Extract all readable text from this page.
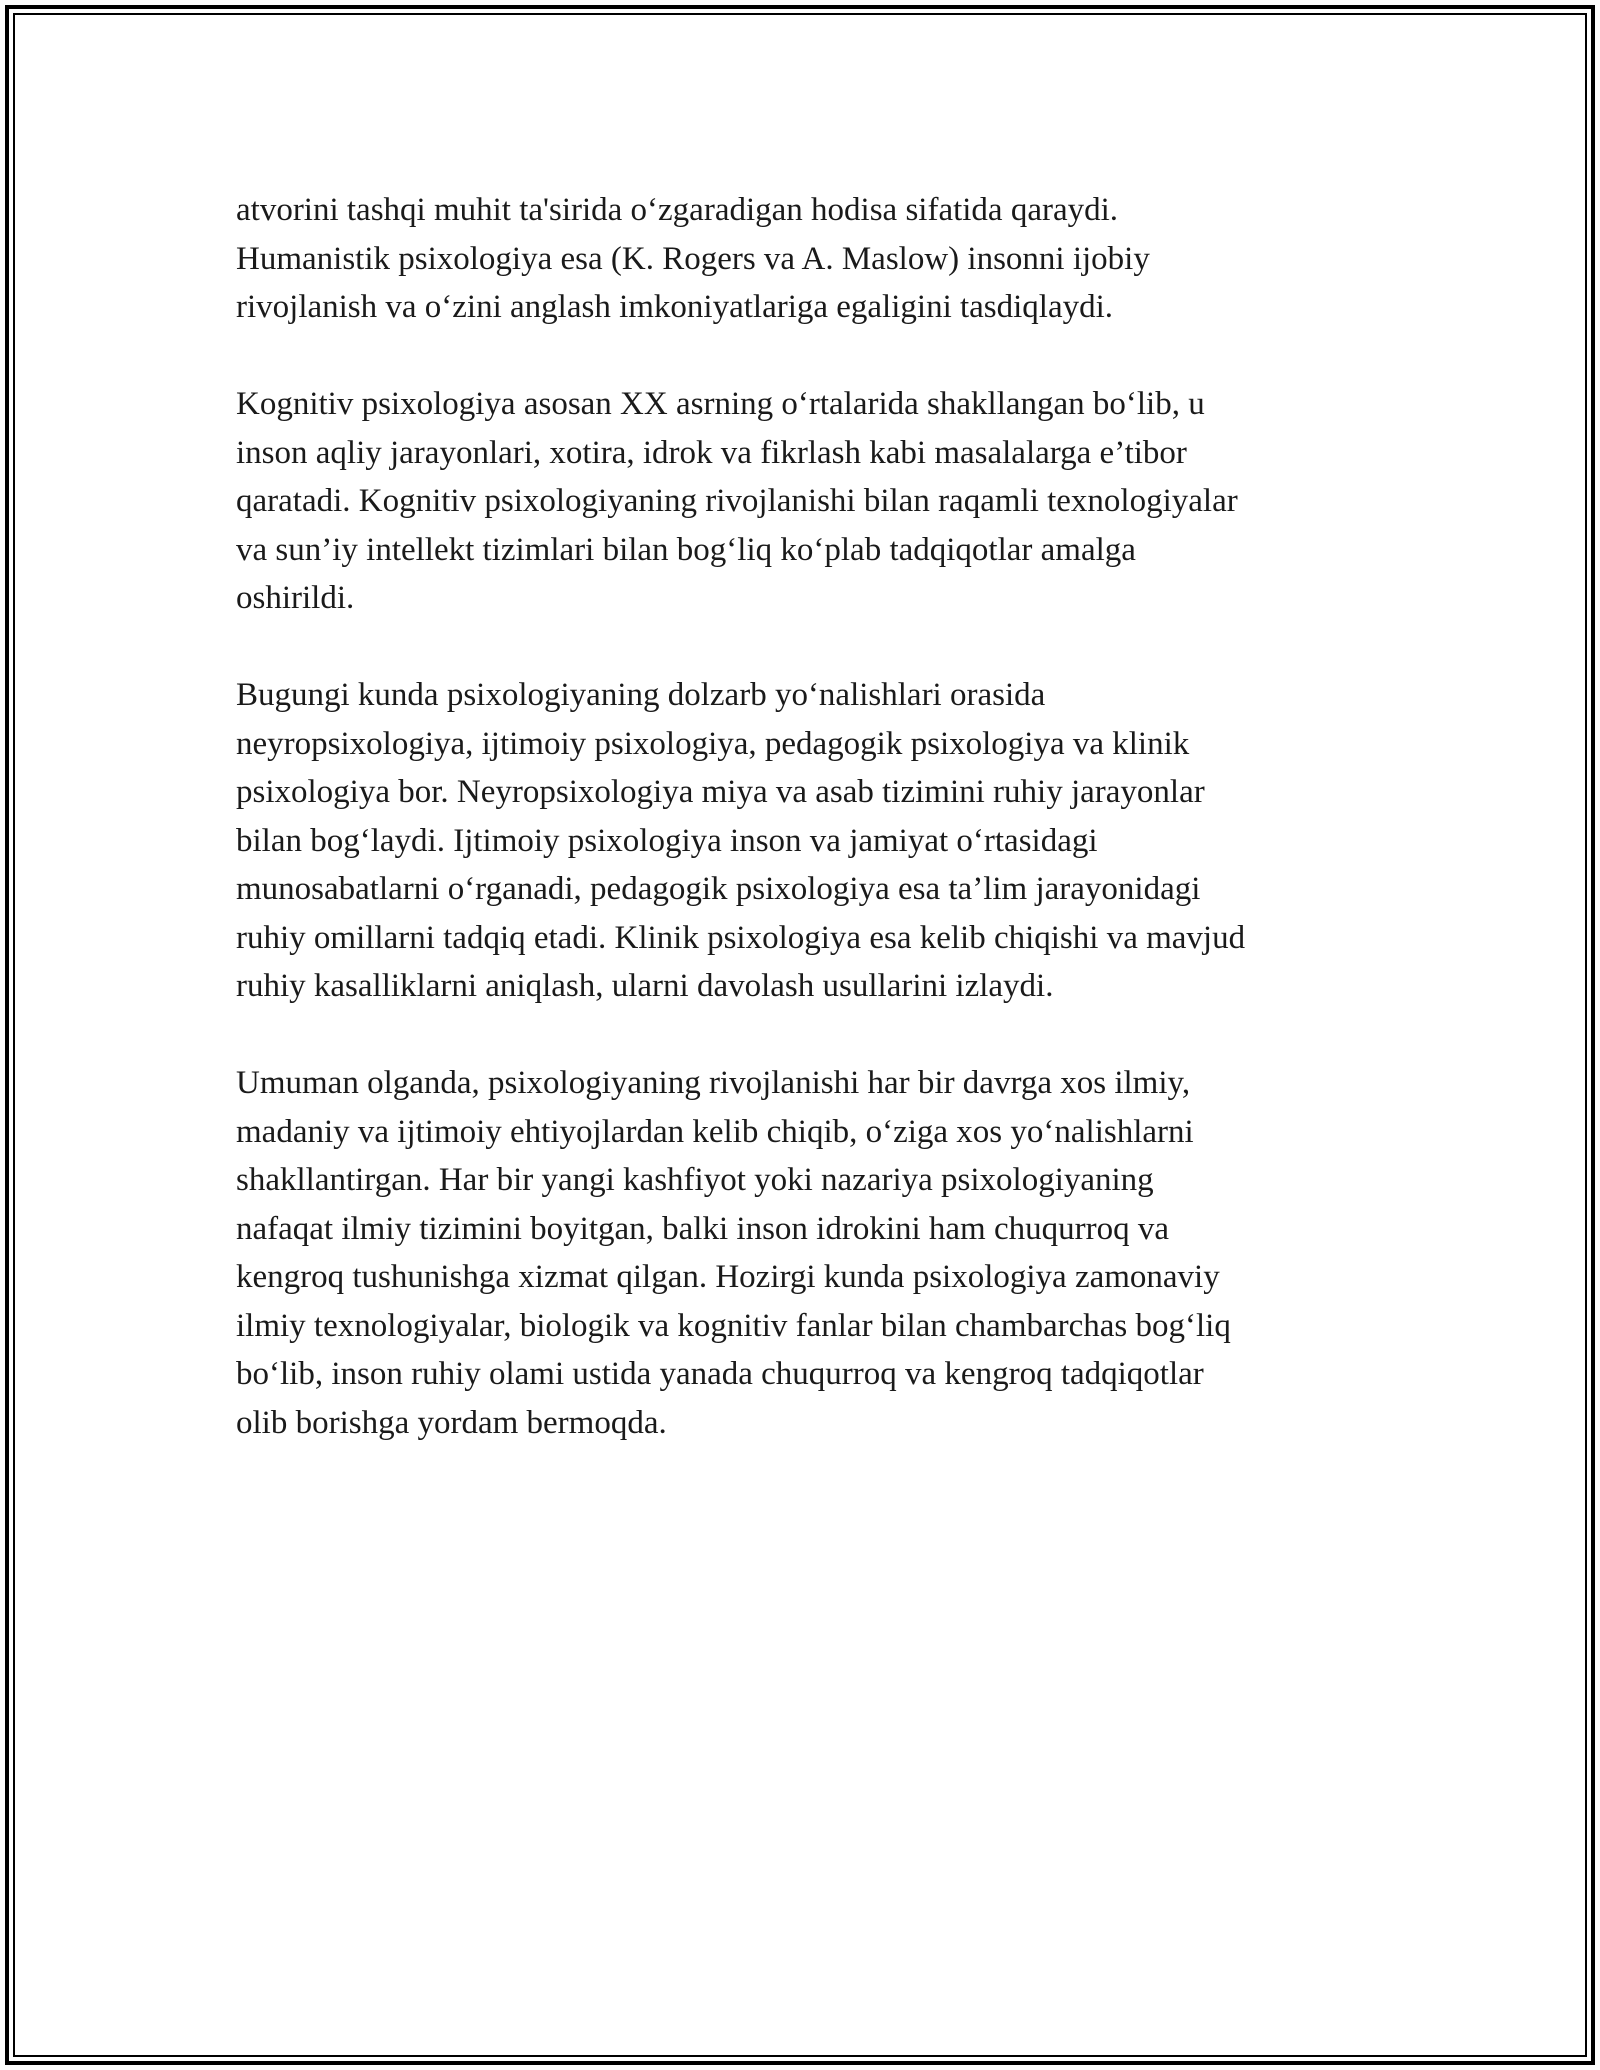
atvorini tashqi muhit ta'sirida o‘zgaradigan hodisa sifatida qaraydi.
Humanistik psixologiya esa (K. Rogers va A. Maslow) insonni ijobiy
rivojlanish va o‘zini anglash imkoniyatlariga egaligini tasdiqlaydi.

Kognitiv psixologiya asosan XX asrning o‘rtalarida shakllangan bo‘lib, u
inson aqliy jarayonlari, xotira, idrok va fikrlash kabi masalalarga e’tibor
qaratadi. Kognitiv psixologiyaning rivojlanishi bilan raqamli texnologiyalar
va sun’iy intellekt tizimlari bilan bog‘liq ko‘plab tadqiqotlar amalga
oshirildi.

Bugungi kunda psixologiyaning dolzarb yo‘nalishlari orasida
neyropsixologiya, ijtimoiy psixologiya, pedagogik psixologiya va klinik
psixologiya bor. Neyropsixologiya miya va asab tizimini ruhiy jarayonlar
bilan bog‘laydi. Ijtimoiy psixologiya inson va jamiyat o‘rtasidagi
munosabatlarni o‘rganadi, pedagogik psixologiya esa ta’lim jarayonidagi
ruhiy omillarni tadqiq etadi. Klinik psixologiya esa kelib chiqishi va mavjud
ruhiy kasalliklarni aniqlash, ularni davolash usullarini izlaydi.

Umuman olganda, psixologiyaning rivojlanishi har bir davrga xos ilmiy,
madaniy va ijtimoiy ehtiyojlardan kelib chiqib, o‘ziga xos yo‘nalishlarni
shakllantirgan. Har bir yangi kashfiyot yoki nazariya psixologiyaning
nafaqat ilmiy tizimini boyitgan, balki inson idrokini ham chuqurroq va
kengroq tushunishga xizmat qilgan. Hozirgi kunda psixologiya zamonaviy
ilmiy texnologiyalar, biologik va kognitiv fanlar bilan chambarchas bog‘liq
bo‘lib, inson ruhiy olami ustida yanada chuqurroq va kengroq tadqiqotlar
olib borishga yordam bermoqda.
